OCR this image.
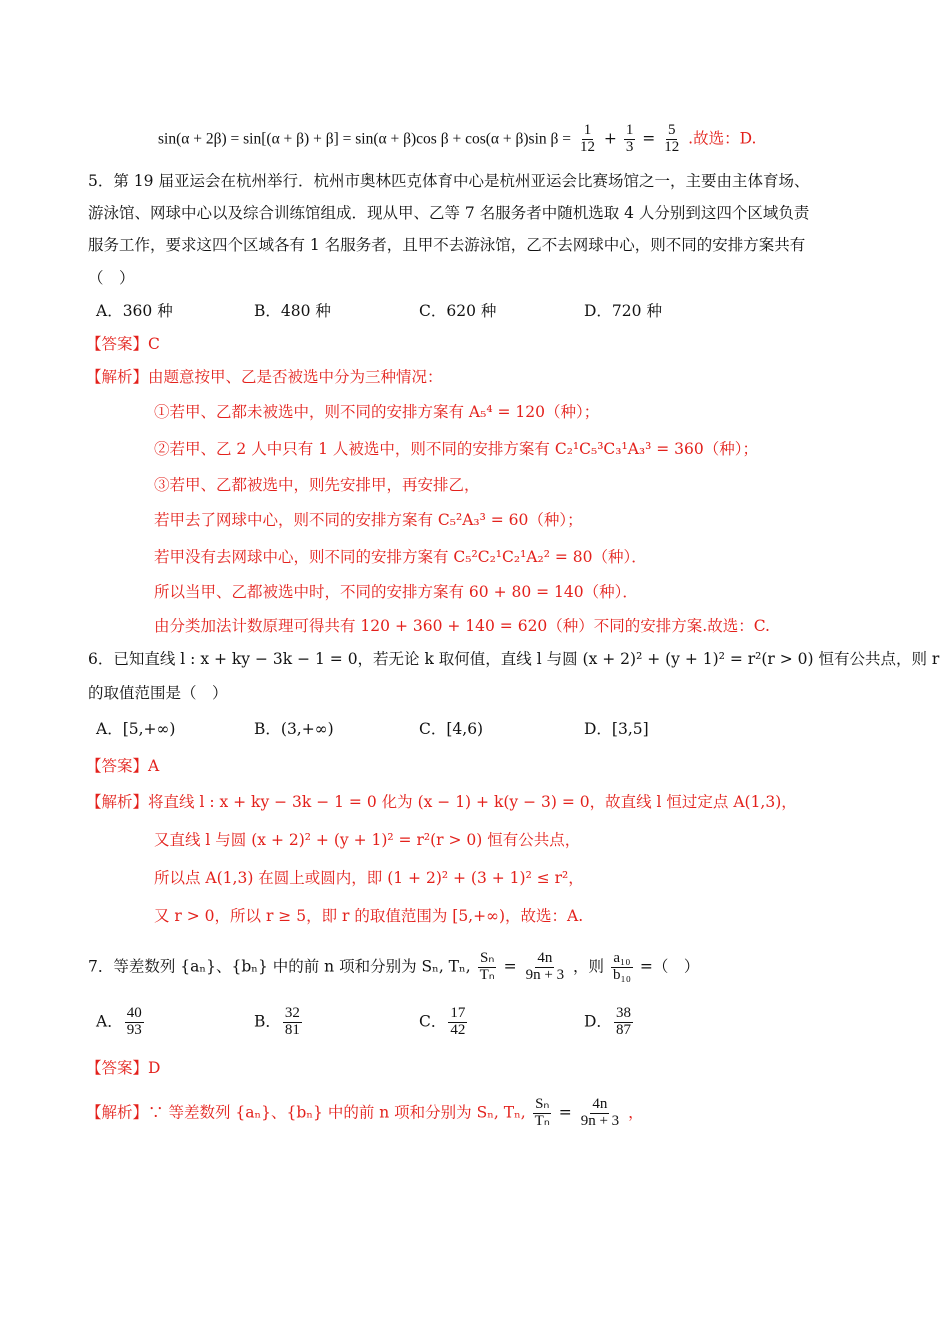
sin(α + 2β) = sin[(α + β) + β] = sin(α + β)cos β + cos(α + β)sin $\beta = \frac{1}{12} + \frac{1}{3} = \frac{5}{12}$ .故选：D.
5．第 19 届亚运会在杭州举行．杭州市奥林匹克体育中心是杭州亚运会比赛场馆之一，主要由主体育场、
游泳馆、网球中心以及综合训练馆组成．现从甲、乙等 7 名服务者中随机选取 4 人分别到这四个区域负责
服务工作，要求这四个区域各有 1 名服务者，且甲不去游泳馆，乙不去网球中心，则不同的安排方案共有
（　）
A．360 种	B．480 种	C．620 种	D．720 种
【答案】C
【解析】由题意按甲、乙是否被选中分为三种情况：
①若甲、乙都未被选中，则不同的安排方案有 A₅⁴ = 120（种）；
②若甲、乙 2 人中只有 1 人被选中，则不同的安排方案有 C₂¹C₅³C₃¹A₃³ = 360（种）；
③若甲、乙都被选中，则先安排甲，再安排乙，
若甲去了网球中心，则不同的安排方案有 C₅²A₃³ = 60（种）；
若甲没有去网球中心，则不同的安排方案有 C₅²C₂¹C₂¹A₂² = 80（种）．
所以当甲、乙都被选中时，不同的安排方案有 60 + 80 = 140（种）．
由分类加法计数原理可得共有 120 + 360 + 140 = 620（种）不同的安排方案.故选：C.
6．已知直线 l : x + ky − 3k − 1 = 0，若无论 k 取何值，直线 l 与圆 (x + 2)² + (y + 1)² = r²(r > 0) 恒有公共点，则 r
的取值范围是（　）
A．[5,+∞)	B．(3,+∞)	C．[4,6)	D．[3,5]
【答案】A
【解析】将直线 l : x + ky − 3k − 1 = 0 化为 (x − 1) + k(y − 3) = 0，故直线 l 恒过定点 A(1,3)，
又直线 l 与圆 (x + 2)² + (y + 1)² = r²(r > 0) 恒有公共点，
所以点 A(1,3) 在圆上或圆内，即 (1 + 2)² + (3 + 1)² ≤ r²，
又 r > 0，所以 r ≥ 5，即 r 的取值范围为 [5,+∞)，故选：A.
7．等差数列 {aₙ}、{bₙ} 中的前 n 项和分别为 Sₙ, Tₙ, $\frac{\text{Sₙ}}{\text{Tₙ}} = \frac{4n}{9n + 3}$ ，则 $\frac{\text{a₁₀}}{\text{b₁₀}}$ =（　）
A． $\frac{40}{93}$	B． $\frac{32}{81}$	C． $\frac{17}{42}$	D． $\frac{38}{87}$
【答案】D
【解析】∵ 等差数列 {aₙ}、{bₙ} 中的前 n 项和分别为 Sₙ, Tₙ, $\frac{\text{Sₙ}}{\text{Tₙ}} = \frac{4n}{9n + 3}$ ，
